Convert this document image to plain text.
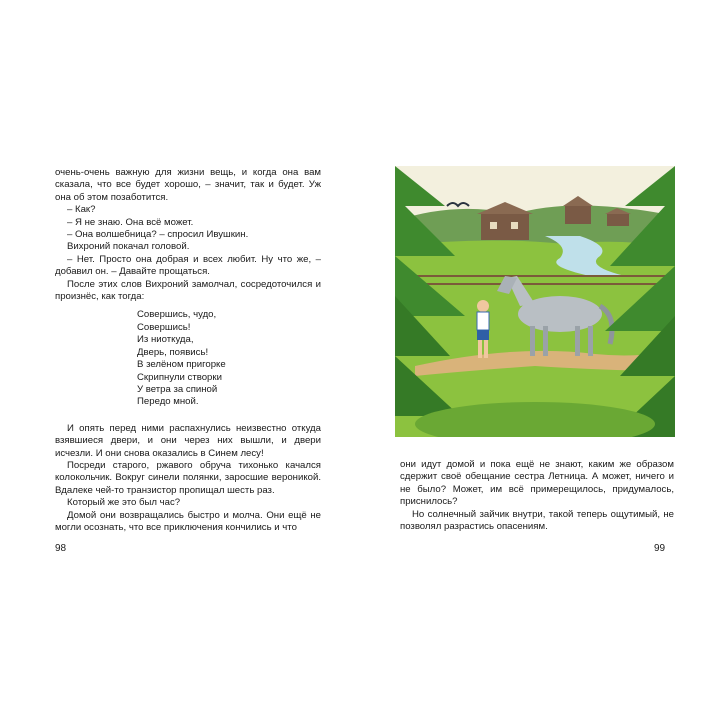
очень-очень важную для жизни вещь, и когда она вам сказала, что все будет хорошо, – значит, так и будет. Уж она об этом позаботится.

– Как?

– Я не знаю. Она всё может.

– Она волшебница? – спросил Ивушкин.

Вихроний покачал головой.

– Нет. Просто она добрая и всех любит. Ну что же, – добавил он. – Давайте прощаться.

После этих слов Вихроний замолчал, сосредоточился и произнёс, как тогда:

Совершись, чудо,
Совершись!
Из ниоткуда,
Дверь, появись!
В зелёном пригорке
Скрипнули створки
У ветра за спиной
Передо мной.

И опять перед ними распахнулись неизвестно откуда взявшиеся двери, и они через них вышли, и двери исчезли. И они снова оказались в Синем лесу!

Посреди старого, ржавого обруча тихонько качался колокольчик. Вокруг синели полянки, заросшие вероникой. Вдалеке чей-то транзистор пропищал шесть раз.

Который же это был час?

Домой они возвращались быстро и молча. Они ещё не могли осознать, что все приключения кончились и что

98

они идут домой и пока ещё не знают, каким же образом сдержит своё обещание сестра Летница. А может, ничего и не было? Может, им всё примерещилось, придумалось, приснилось?

Но солнечный зайчик внутри, такой теперь ощутимый, не позволял разрастись опасениям.

99
